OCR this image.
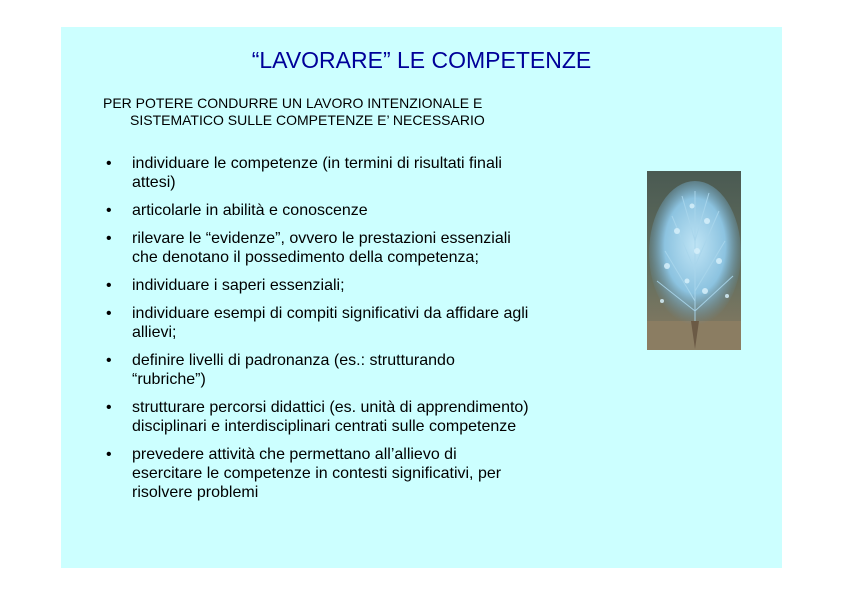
“LAVORARE” LE COMPETENZE
PER POTERE CONDURRE UN LAVORO INTENZIONALE E
SISTEMATICO SULLE COMPETENZE E’ NECESSARIO
• individuare le competenze (in termini di risultati finali
attesi)
• articolarle in abilità e conoscenze
• rilevare le “evidenze”, ovvero le prestazioni essenziali
che denotano il possedimento della competenza;
• individuare i saperi essenziali;
• individuare esempi di compiti significativi da affidare agli
allievi;
• definire livelli di padronanza (es.: strutturando
“rubriche”)
• strutturare percorsi didattici (es. unità di apprendimento)
disciplinari e interdisciplinari centrati sulle competenze
• prevedere attività che permettano all’allievo di
esercitare le competenze in contesti significativi, per
risolvere problemi
